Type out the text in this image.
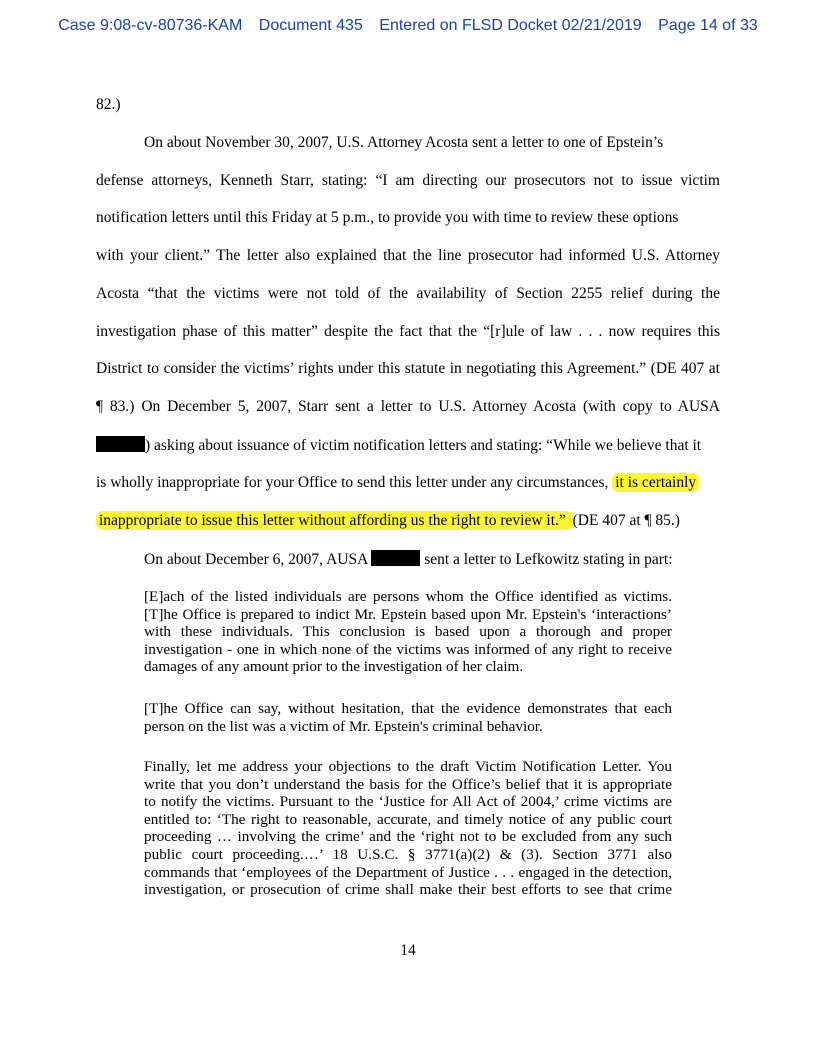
Case 9:08-cv-80736-KAM Document 435 Entered on FLSD Docket 02/21/2019 Page 14 of 33
82.)
On about November 30, 2007, U.S. Attorney Acosta sent a letter to one of Epstein’s
defense attorneys, Kenneth Starr, stating: “I am directing our prosecutors not to issue victim
notification letters until this Friday at 5 p.m., to provide you with time to review these options
with your client.” The letter also explained that the line prosecutor had informed U.S. Attorney
Acosta “that the victims were not told of the availability of Section 2255 relief during the
investigation phase of this matter” despite the fact that the “[r]ule of law . . . now requires this
District to consider the victims’ rights under this statute in negotiating this Agreement.” (DE 407 at
¶ 83.) On December 5, 2007, Starr sent a letter to U.S. Attorney Acosta (with copy to AUSA
) asking about issuance of victim notification letters and stating: “While we believe that it
is wholly inappropriate for your Office to send this letter under any circumstances, it is certainly
inappropriate to issue this letter without affording us the right to review it.” (DE 407 at ¶ 85.)
On about December 6, 2007, AUSA	sent a letter to Lefkowitz stating in part:
[E]ach of the listed individuals are persons whom the Office identified as victims.
[T]he Office is prepared to indict Mr. Epstein based upon Mr. Epstein's ‘interactions’
with these individuals. This conclusion is based upon a thorough and proper
investigation - one in which none of the victims was informed of any right to receive
damages of any amount prior to the investigation of her claim.
[T]he Office can say, without hesitation, that the evidence demonstrates that each
person on the list was a victim of Mr. Epstein's criminal behavior.
Finally, let me address your objections to the draft Victim Notification Letter. You
write that you don’t understand the basis for the Office’s belief that it is appropriate
to notify the victims. Pursuant to the ‘Justice for All Act of 2004,’ crime victims are
entitled to: ‘The right to reasonable, accurate, and timely notice of any public court
proceeding … involving the crime’ and the ‘right not to be excluded from any such
public court proceeding.…’ 18 U.S.C. § 3771(a)(2) & (3). Section 3771 also
commands that ‘employees of the Department of Justice . . . engaged in the detection,
investigation, or prosecution of crime shall make their best efforts to see that crime
14
